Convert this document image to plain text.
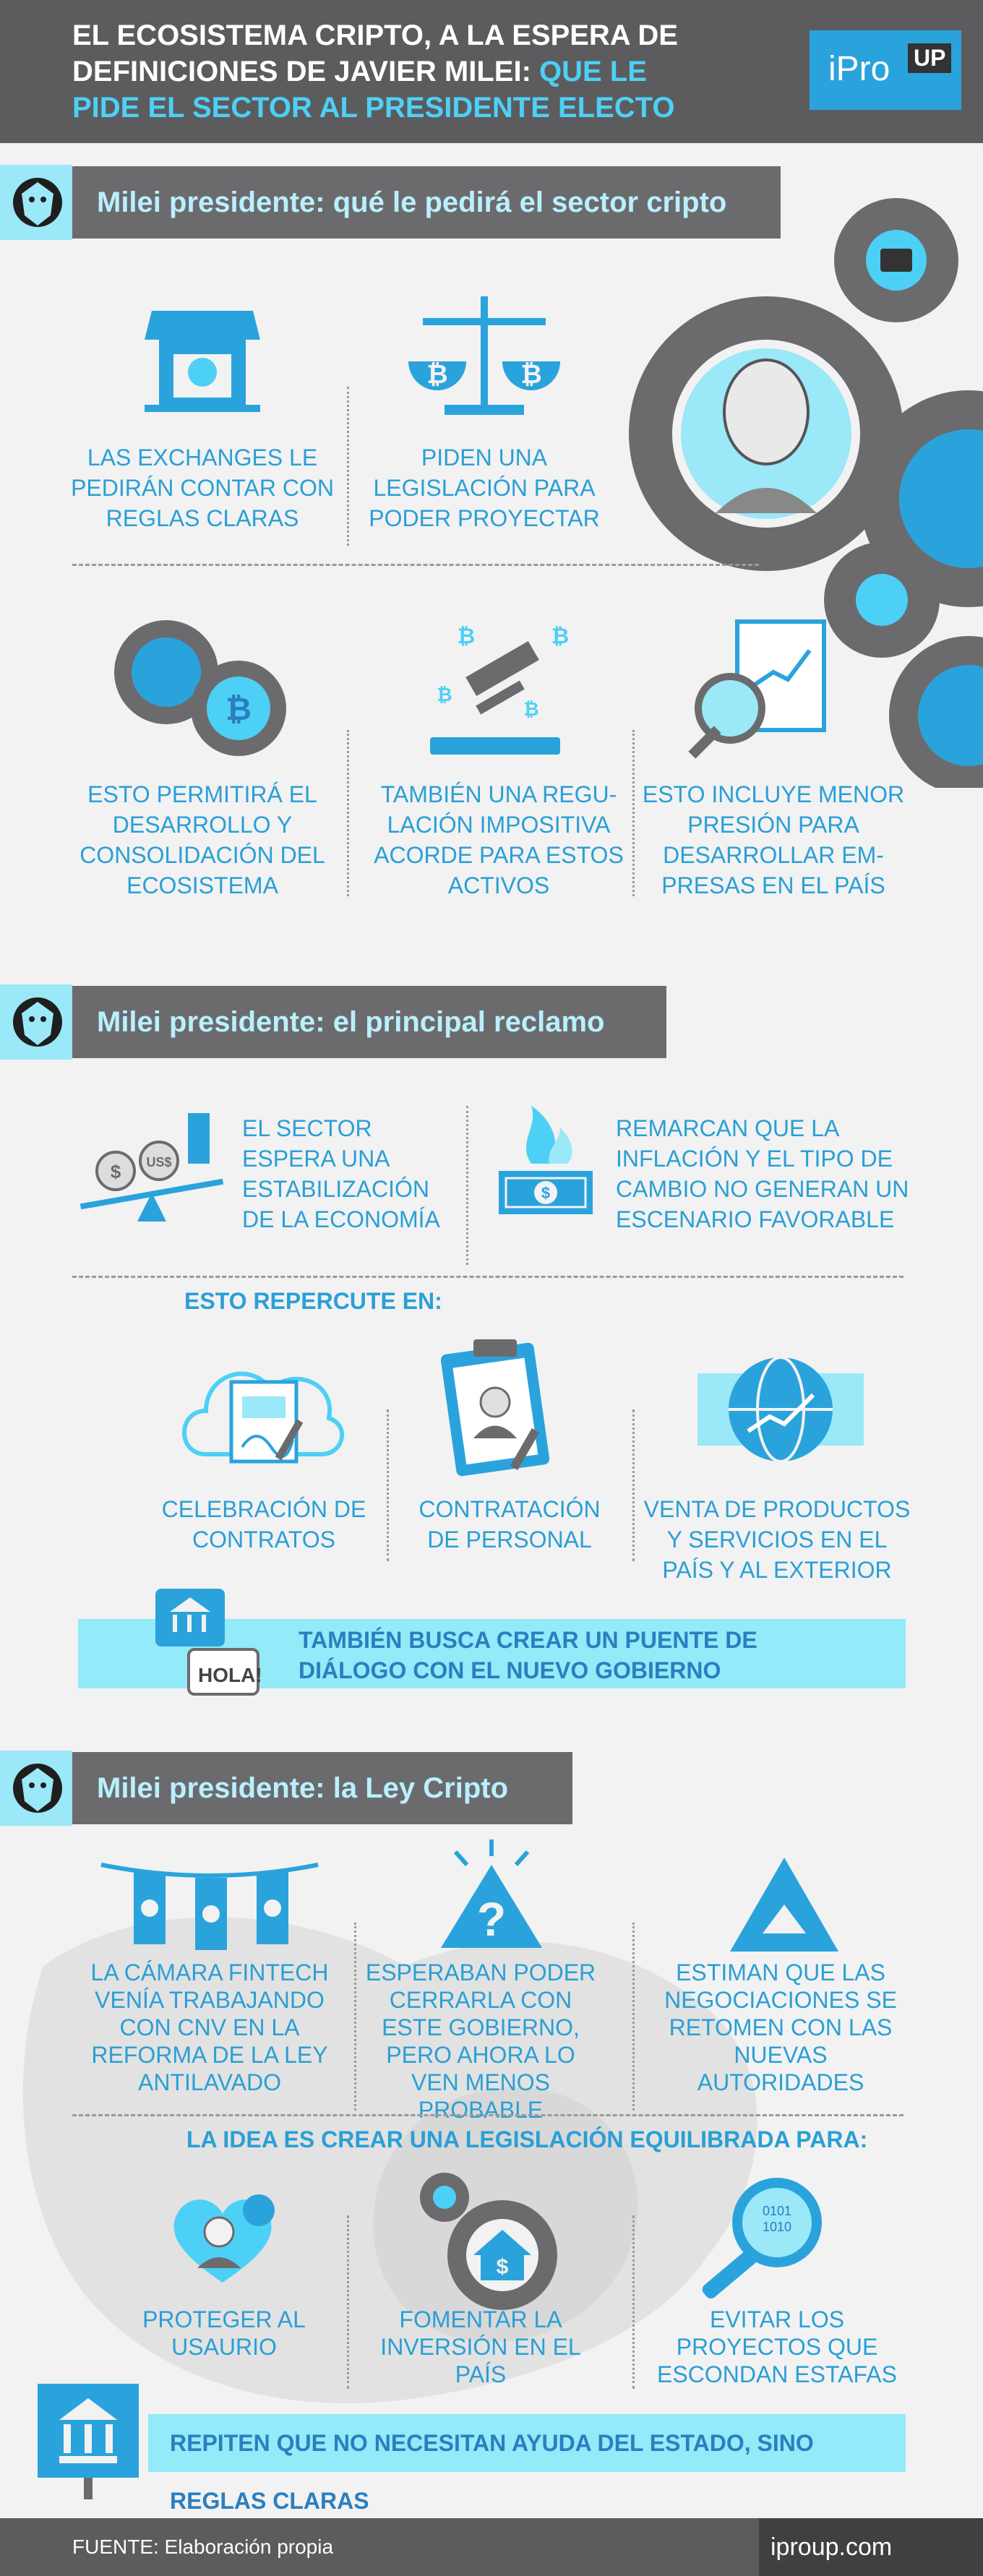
EL ECOSISTEMA CRIPTO, A LA ESPERA DE
DEFINICIONES DE JAVIER MILEI: QUE LE
PIDE EL SECTOR AL PRESIDENTE ELECTO
iPro UP
Milei presidente: qué le pedirá el sector cripto
LAS EXCHANGES LE PEDIRÁN CONTAR CON REGLAS CLARAS
₿	₿
PIDEN UNA LEGISLACIÓN PARA PODER PROYECTAR
₿
ESTO PERMITIRÁ EL DESARROLLO Y CONSOLIDACIÓN DEL ECOSISTEMA
₿	₿
₿
₿
TAMBIÉN UNA REGU- LACIÓN IMPOSITIVA ACORDE PARA ESTOS ACTIVOS
ESTO INCLUYE MENOR PRESIÓN PARA DESARROLLAR EM- PRESAS EN EL PAÍS
Milei presidente: el principal reclamo
$ US$
EL SECTOR ESPERA UNA ESTABILIZACIÓN DE LA ECONOMÍA
$
REMARCAN QUE LA INFLACIÓN Y EL TIPO DE CAMBIO NO GENERAN UN ESCENARIO FAVORABLE
ESTO REPERCUTE EN:
CELEBRACIÓN DE CONTRATOS
CONTRATACIÓN DE PERSONAL
VENTA DE PRODUCTOS Y SERVICIOS EN EL PAÍS Y AL EXTERIOR
TAMBIÉN BUSCA CREAR UN PUENTE DE DIÁLOGO CON EL NUEVO GOBIERNO
HOLA!
Milei presidente: la Ley Cripto
LA CÁMARA FINTECH VENÍA TRABAJANDO CON CNV EN LA REFORMA DE LA LEY ANTILAVADO
?
ESPERABAN PODER CERRARLA CON ESTE GOBIERNO, PERO AHORA LO VEN MENOS PROBABLE
ESTIMAN QUE LAS NEGOCIACIONES SE RETOMEN CON LAS NUEVAS AUTORIDADES
LA IDEA ES CREAR UNA LEGISLACIÓN EQUILIBRADA PARA:
PROTEGER AL USAURIO
$
FOMENTAR LA INVERSIÓN EN EL PAÍS
0101
1010
EVITAR LOS PROYECTOS QUE ESCONDAN ESTAFAS
REPITEN QUE NO NECESITAN AYUDA DEL ESTADO, SINO REGLAS CLARAS
FUENTE: Elaboración propia	iproup.com
